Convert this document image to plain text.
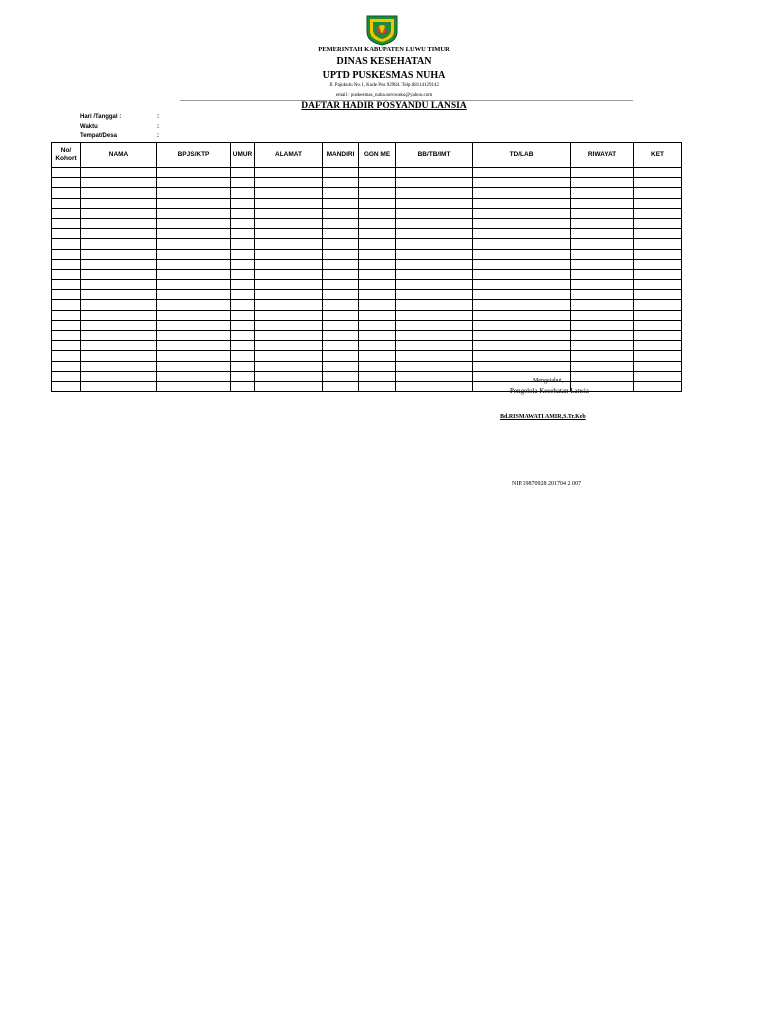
PEMERINTAH KABUPATEN LUWU TIMUR
DINAS KESEHATAN
UPTD PUSKESMAS NUHA
Jl. Pajukulu No.1, Kode Pos 92984. Telp.08114129142
email : puskesmas_nuha.sorowako@yahoo.com
DAFTAR HADIR POSYANDU LANSIA
Hari /Tanggal :	:
Waktu	:
Tempat/Desa	:
No/ Kohort	NAMA	BPJS/KTP	UMUR	ALAMAT	MANDIRI	GGN ME	BB/TB/IMT	TD/LAB	RIWAYAT	KET

Mengetahui,
Pengelola Kesehatan Lansia
Bd.RISMAWATI AMIR,S.Tr.Keb
NIP.19870928 201704 2 007
